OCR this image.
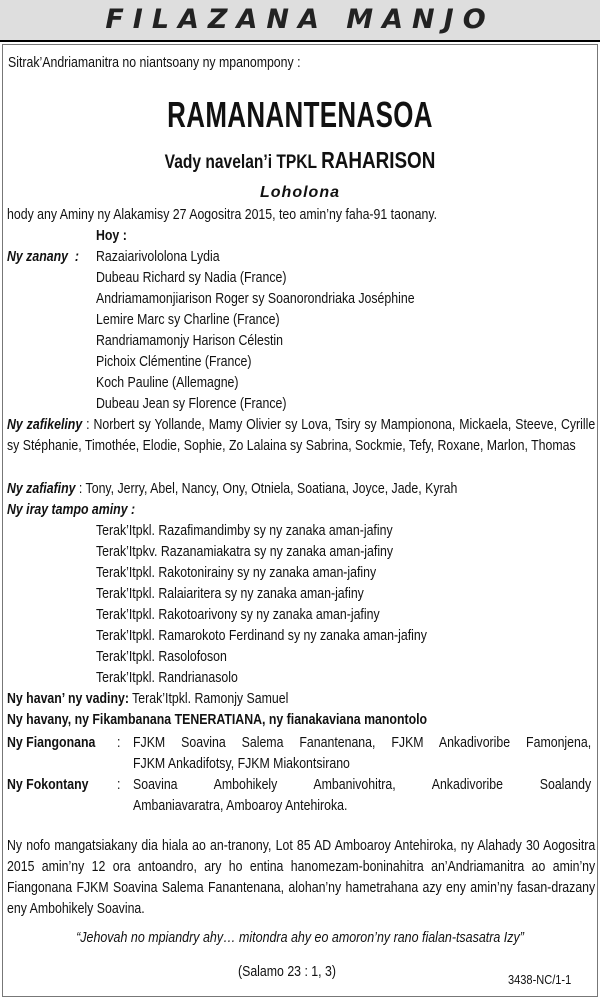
FILAZANA MANJO
Sitrak’Andriamanitra no niantsoany ny mpanompony :
RAMANANTENASOA
Vady navelan’i TPKL RAHARISON
Loholona
hody any Aminy ny Alakamisy 27 Aogositra 2015, teo amin’ny faha-91 taonany.
Hoy :
Ny zanany : Razaiarivololona Lydia
Dubeau Richard sy Nadia (France)
Andriamamonjiarison Roger sy Soanorondriaka Joséphine
Lemire Marc sy Charline (France)
Randriamamonjy Harison Célestin
Pichoix Clémentine (France)
Koch Pauline (Allemagne)
Dubeau Jean sy Florence (France)
Ny zafikeliny : Norbert sy Yollande, Mamy Olivier sy Lova, Tsiry sy Mampionona, Mickaela, Steeve, Cyrille sy Stéphanie, Timothée, Elodie, Sophie, Zo Lalaina sy Sabrina, Sockmie, Tefy, Roxane, Marlon, Thomas
Ny zafiafiny : Tony, Jerry, Abel, Nancy, Ony, Otniela, Soatiana, Joyce, Jade, Kyrah
Ny iray tampo aminy :
Terak’Itpkl. Razafimandimby sy ny zanaka aman-jafiny
Terak’Itpkv. Razanamiakatra sy ny zanaka aman-jafiny
Terak’Itpkl. Rakotonirainy sy ny zanaka aman-jafiny
Terak’Itpkl. Ralaiaritera sy ny zanaka aman-jafiny
Terak’Itpkl. Rakotoarivony sy ny zanaka aman-jafiny
Terak’Itpkl. Ramarokoto Ferdinand sy ny zanaka aman-jafiny
Terak’Itpkl. Rasolofoson
Terak’Itpkl. Randrianasolo
Ny havan’ ny vadiny: Terak’Itpkl. Ramonjy Samuel
Ny havany, ny Fikambanana TENERATIANA, ny fianakaviana manontolo
Ny Fiangonana : FJKM Soavina Salema Fanantenana, FJKM Ankadivoribe Famonjena,
FJKM Ankadifotsy, FJKM Miakontsirano
Ny Fokontany : Soavina Ambohikely Ambanivohitra, Ankadivoribe Soalandy
Ambaniavaratra, Amboaroy Antehiroka.
Ny nofo mangatsiakany dia hiala ao an-tranony, Lot 85 AD Amboaroy Antehiroka, ny Alahady 30 Aogositra 2015 amin’ny 12 ora antoandro, ary ho entina hanomezam-boninahitra an’Andriamanitra ao amin’ny Fiangonana FJKM Soavina Salema Fanantenana, alohan’ny hametrahana azy eny amin’ny fasan-drazany eny Ambohikely Soavina.
“Jehovah no mpiandry ahy… mitondra ahy eo amoron’ny rano fialan-tsasatra Izy”
(Salamo 23 : 1, 3)	3438-NC/1-1
